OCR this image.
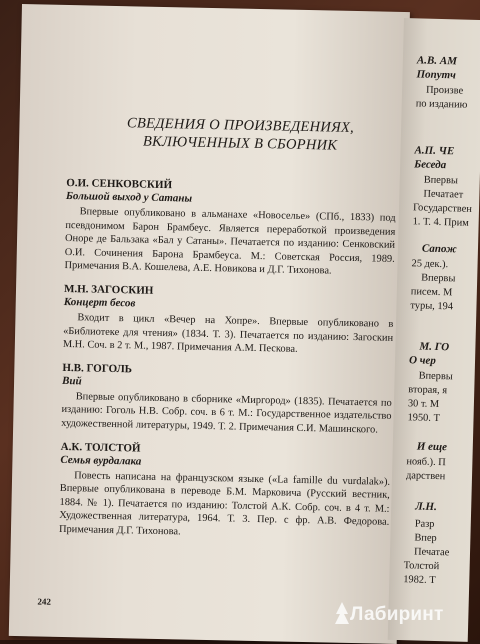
СВЕДЕНИЯ О ПРОИЗВЕДЕНИЯХ,
ВКЛЮЧЕННЫХ В СБОРНИК

О.И. СЕНКОВСКИЙ

Большой выход у Сатаны

Впервые опубликовано в альманахе «Новоселье» (СПб., 1833) под псевдонимом Барон Брамбеус. Является переработкой произведения Оноре де Бальзака «Бал у Сатаны». Печатается по изданию: Сенковский О.И. Сочинения Барона Брамбеуса. М.: Советская Россия, 1989. Примечания В.А. Кошелева, А.Е. Новикова и Д.Г. Тихонова.

М.Н. ЗАГОСКИН

Концерт бесов

Входит в цикл «Вечер на Хопре». Впервые опубликовано в «Библиотеке для чтения» (1834. Т. 3). Печатается по изданию: Загоскин М.Н. Соч. в 2 т. М., 1987. Примечания А.М. Пескова.

Н.В. ГОГОЛЬ

Вий

Впервые опубликовано в сборнике «Миргород» (1835). Печатается по изданию: Гоголь Н.В. Собр. соч. в 6 т. М.: Государственное издательство художественной литературы, 1949. Т. 2. Примечания С.И. Машинского.

А.К. ТОЛСТОЙ

Семья вурдалака

Повесть написана на французском языке («La famille du vurdalak»). Впервые опубликована в переводе Б.М. Марковича (Русский вестник, 1884. № 1). Печатается по изданию: Толстой А.К. Собр. соч. в 4 т. М.: Художественная литература, 1964. Т. 3. Пер. с фр. А.В. Федорова. Примечания Д.Г. Тихонова.

242
А.В. АМ
Попутч
Произве
по изданию
А.П. ЧЕ
Беседа
Впервы
Печатает
Государствен
1. Т. 4. Прим
Сапож
25 дек.).
Впервы
писем. М
туры, 194
М. ГО
О чер
Впервы
вторая, я
30 т. М
1950. Т
И еще
нояб.). П
дарствен
Л.Н.
Разр
Впер
Печатае
Толстой
1982. Т
Лабиринт
